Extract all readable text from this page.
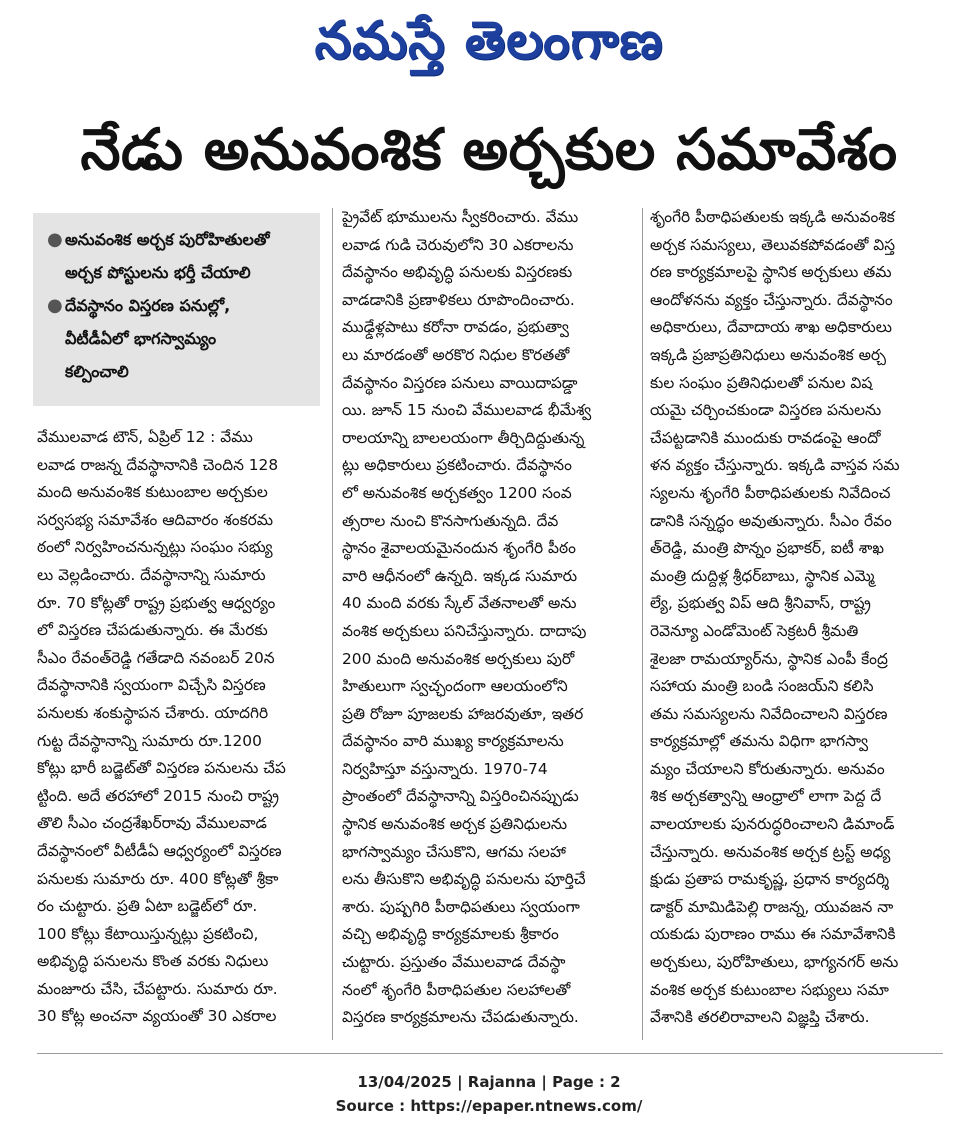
నమస్తే తెలంగాణ
నేడు అనువంశిక అర్చకుల సమావేశం
● అనువంశిక అర్చక పురోహితులతో
అర్చక పోస్టులను భర్తీ చేయాలి
● దేవస్థానం విస్తరణ పనుల్లో,
వీటీడీఏలో భాగస్వామ్యం
కల్పించాలి
వేములవాడ టౌన్, ఏప్రిల్ 12 : వేము
లవాడ రాజన్న దేవస్థానానికి చెందిన 128
మంది అనువంశిక కుటుంబాల అర్చకుల
సర్వసభ్య సమావేశం ఆదివారం శంకరమ
ఠంలో నిర్వహించనున్నట్లు సంఘం సభ్యు
లు వెల్లడించారు. దేవస్థానాన్ని సుమారు
రూ. 70 కోట్లతో రాష్ట్ర ప్రభుత్వ ఆధ్వర్యం
లో విస్తరణ చేపడుతున్నారు. ఈ మేరకు
సీఎం రేవంత్‌రెడ్డి గతేడాది నవంబర్ 20న
దేవస్థానానికి స్వయంగా విచ్చేసి విస్తరణ
పనులకు శంకుస్థాపన చేశారు. యాదగిరి
గుట్ట దేవస్థానాన్ని సుమారు రూ.1200
కోట్లు భారీ బడ్జెట్‌తో విస్తరణ పనులను చేప
ట్టింది. అదే తరహాలో 2015 నుంచి రాష్ట్ర
తొలి సీఎం చంద్రశేఖర్‌రావు వేములవాడ
దేవస్థానంలో వీటీడీఏ ఆధ్వర్యంలో విస్తరణ
పనులకు సుమారు రూ. 400 కోట్లతో శ్రీకా
రం చుట్టారు. ప్రతి ఏటా బడ్జెట్‌లో రూ.
100 కోట్లు కేటాయిస్తున్నట్లు ప్రకటించి,
అభివృద్ధి పనులను కొంత వరకు నిధులు
మంజూరు చేసి, చేపట్టారు. సుమారు రూ.
30 కోట్ల అంచనా వ్యయంతో 30 ఎకరాల
ప్రైవేట్ భూములను స్వీకరించారు. వేము
లవాడ గుడి చెరువులోని 30 ఎకరాలను
దేవస్థానం అభివృద్ధి పనులకు విస్తరణకు
వాడడానికి ప్రణాళికలు రూపొందించారు.
ముఢ్డేళ్లపాటు కరోనా రావడం, ప్రభుత్వా
లు మారడంతో అరకొర నిధుల కొరతతో
దేవస్థానం విస్తరణ పనులు వాయిదాపడ్డా
యి. జూన్ 15 నుంచి వేములవాడ భీమేశ్వ
రాలయాన్ని బాలలయంగా తీర్చిదిద్దుతున్న
ట్లు అధికారులు ప్రకటించారు. దేవస్థానం
లో అనువంశిక అర్చకత్వం 1200 సంవ
త్సరాల నుంచి కొనసాగుతున్నది. దేవ
స్థానం శైవాలయమైనందున శృంగేరి పీఠం
వారి ఆధీనంలో ఉన్నది. ఇక్కడ సుమారు
40 మంది వరకు స్కేల్ వేతనాలతో అను
వంశిక అర్చకులు పనిచేస్తున్నారు. దాదాపు
200 మంది అనువంశిక అర్చకులు పురో
హితులుగా స్వచ్ఛందంగా ఆలయంలోని
ప్రతి రోజూ పూజలకు హాజరవుతూ, ఇతర
దేవస్థానం వారి ముఖ్య కార్యక్రమాలను
నిర్వహిస్తూ వస్తున్నారు. 1970-74
ప్రాంతంలో దేవస్థానాన్ని విస్తరించినప్పుడు
స్థానిక అనువంశిక అర్చక ప్రతినిధులను
భాగస్వామ్యం చేసుకొని, ఆగమ సలహా
లను తీసుకొని అభివృద్ధి పనులను పూర్తిచే
శారు. పుష్పగిరి పీఠాధిపతులు స్వయంగా
వచ్చి అభివృద్ధి కార్యక్రమాలకు శ్రీకారం
చుట్టారు. ప్రస్తుతం వేములవాడ దేవస్థా
నంలో శృంగేరి పీఠాధిపతుల సలహాలతో
విస్తరణ కార్యక్రమాలను చేపడుతున్నారు.
శృంగేరి పీఠాధిపతులకు ఇక్కడి అనువంశిక
అర్చక సమస్యలు, తెలువకపోవడంతో విస్త
రణ కార్యక్రమాలపై స్థానిక అర్చకులు తమ
ఆందోళనను వ్యక్తం చేస్తున్నారు. దేవస్థానం
అధికారులు, దేవాదాయ శాఖ అధికారులు
ఇక్కడి ప్రజాప్రతినిధులు అనువంశిక అర్చ
కుల సంఘం ప్రతినిధులతో పనుల విష
యమై చర్చించకుండా విస్తరణ పనులను
చేపట్టడానికి ముందుకు రావడంపై ఆందో
ళన వ్యక్తం చేస్తున్నారు. ఇక్కడి వాస్తవ సమ
స్యలను శృంగేరి పీఠాధిపతులకు నివేదించ
డానికి సన్నద్ధం అవుతున్నారు. సీఎం రేవం
త్‌రెడ్డి, మంత్రి పొన్నం ప్రభాకర్, ఐటీ శాఖ
మంత్రి దుద్దిళ్ల శ్రీధర్‌బాబు, స్థానిక ఎమ్మె
ల్యే, ప్రభుత్వ విప్ ఆది శ్రీనివాస్, రాష్ట్ర
రెవెన్యూ ఎండోమెంట్ సెక్రటరీ శ్రీమతి
శైలజా రామయ్యార్‌ను, స్థానిక ఎంపీ కేంద్ర
సహాయ మంత్రి బండి సంజయ్‌ని కలిసి
తమ సమస్యలను నివేదించాలని విస్తరణ
కార్యక్రమాల్లో తమను విధిగా భాగస్వా
మ్యం చేయాలని కోరుతున్నారు. అనువం
శిక అర్చకత్వాన్ని ఆంధ్రాలో లాగా పెద్ద దే
వాలయాలకు పునరుద్ధరించాలని డిమాండ్
చేస్తున్నారు. అనువంశిక అర్చక ట్రస్ట్ అధ్య
క్షుడు ప్రతాప రామకృష్ణ, ప్రధాన కార్యదర్శి
డాక్టర్ మామిడిపెల్లి రాజన్న, యువజన నా
యకుడు పురాణం రాము ఈ సమావేశానికి
అర్చకులు, పురోహితులు, భాగ్యనగర్ అను
వంశిక అర్చక కుటుంబాల సభ్యులు సమా
వేశానికి తరలిరావాలని విజ్ఞప్తి చేశారు.
13/04/2025 | Rajanna | Page : 2
Source : https://epaper.ntnews.com/
